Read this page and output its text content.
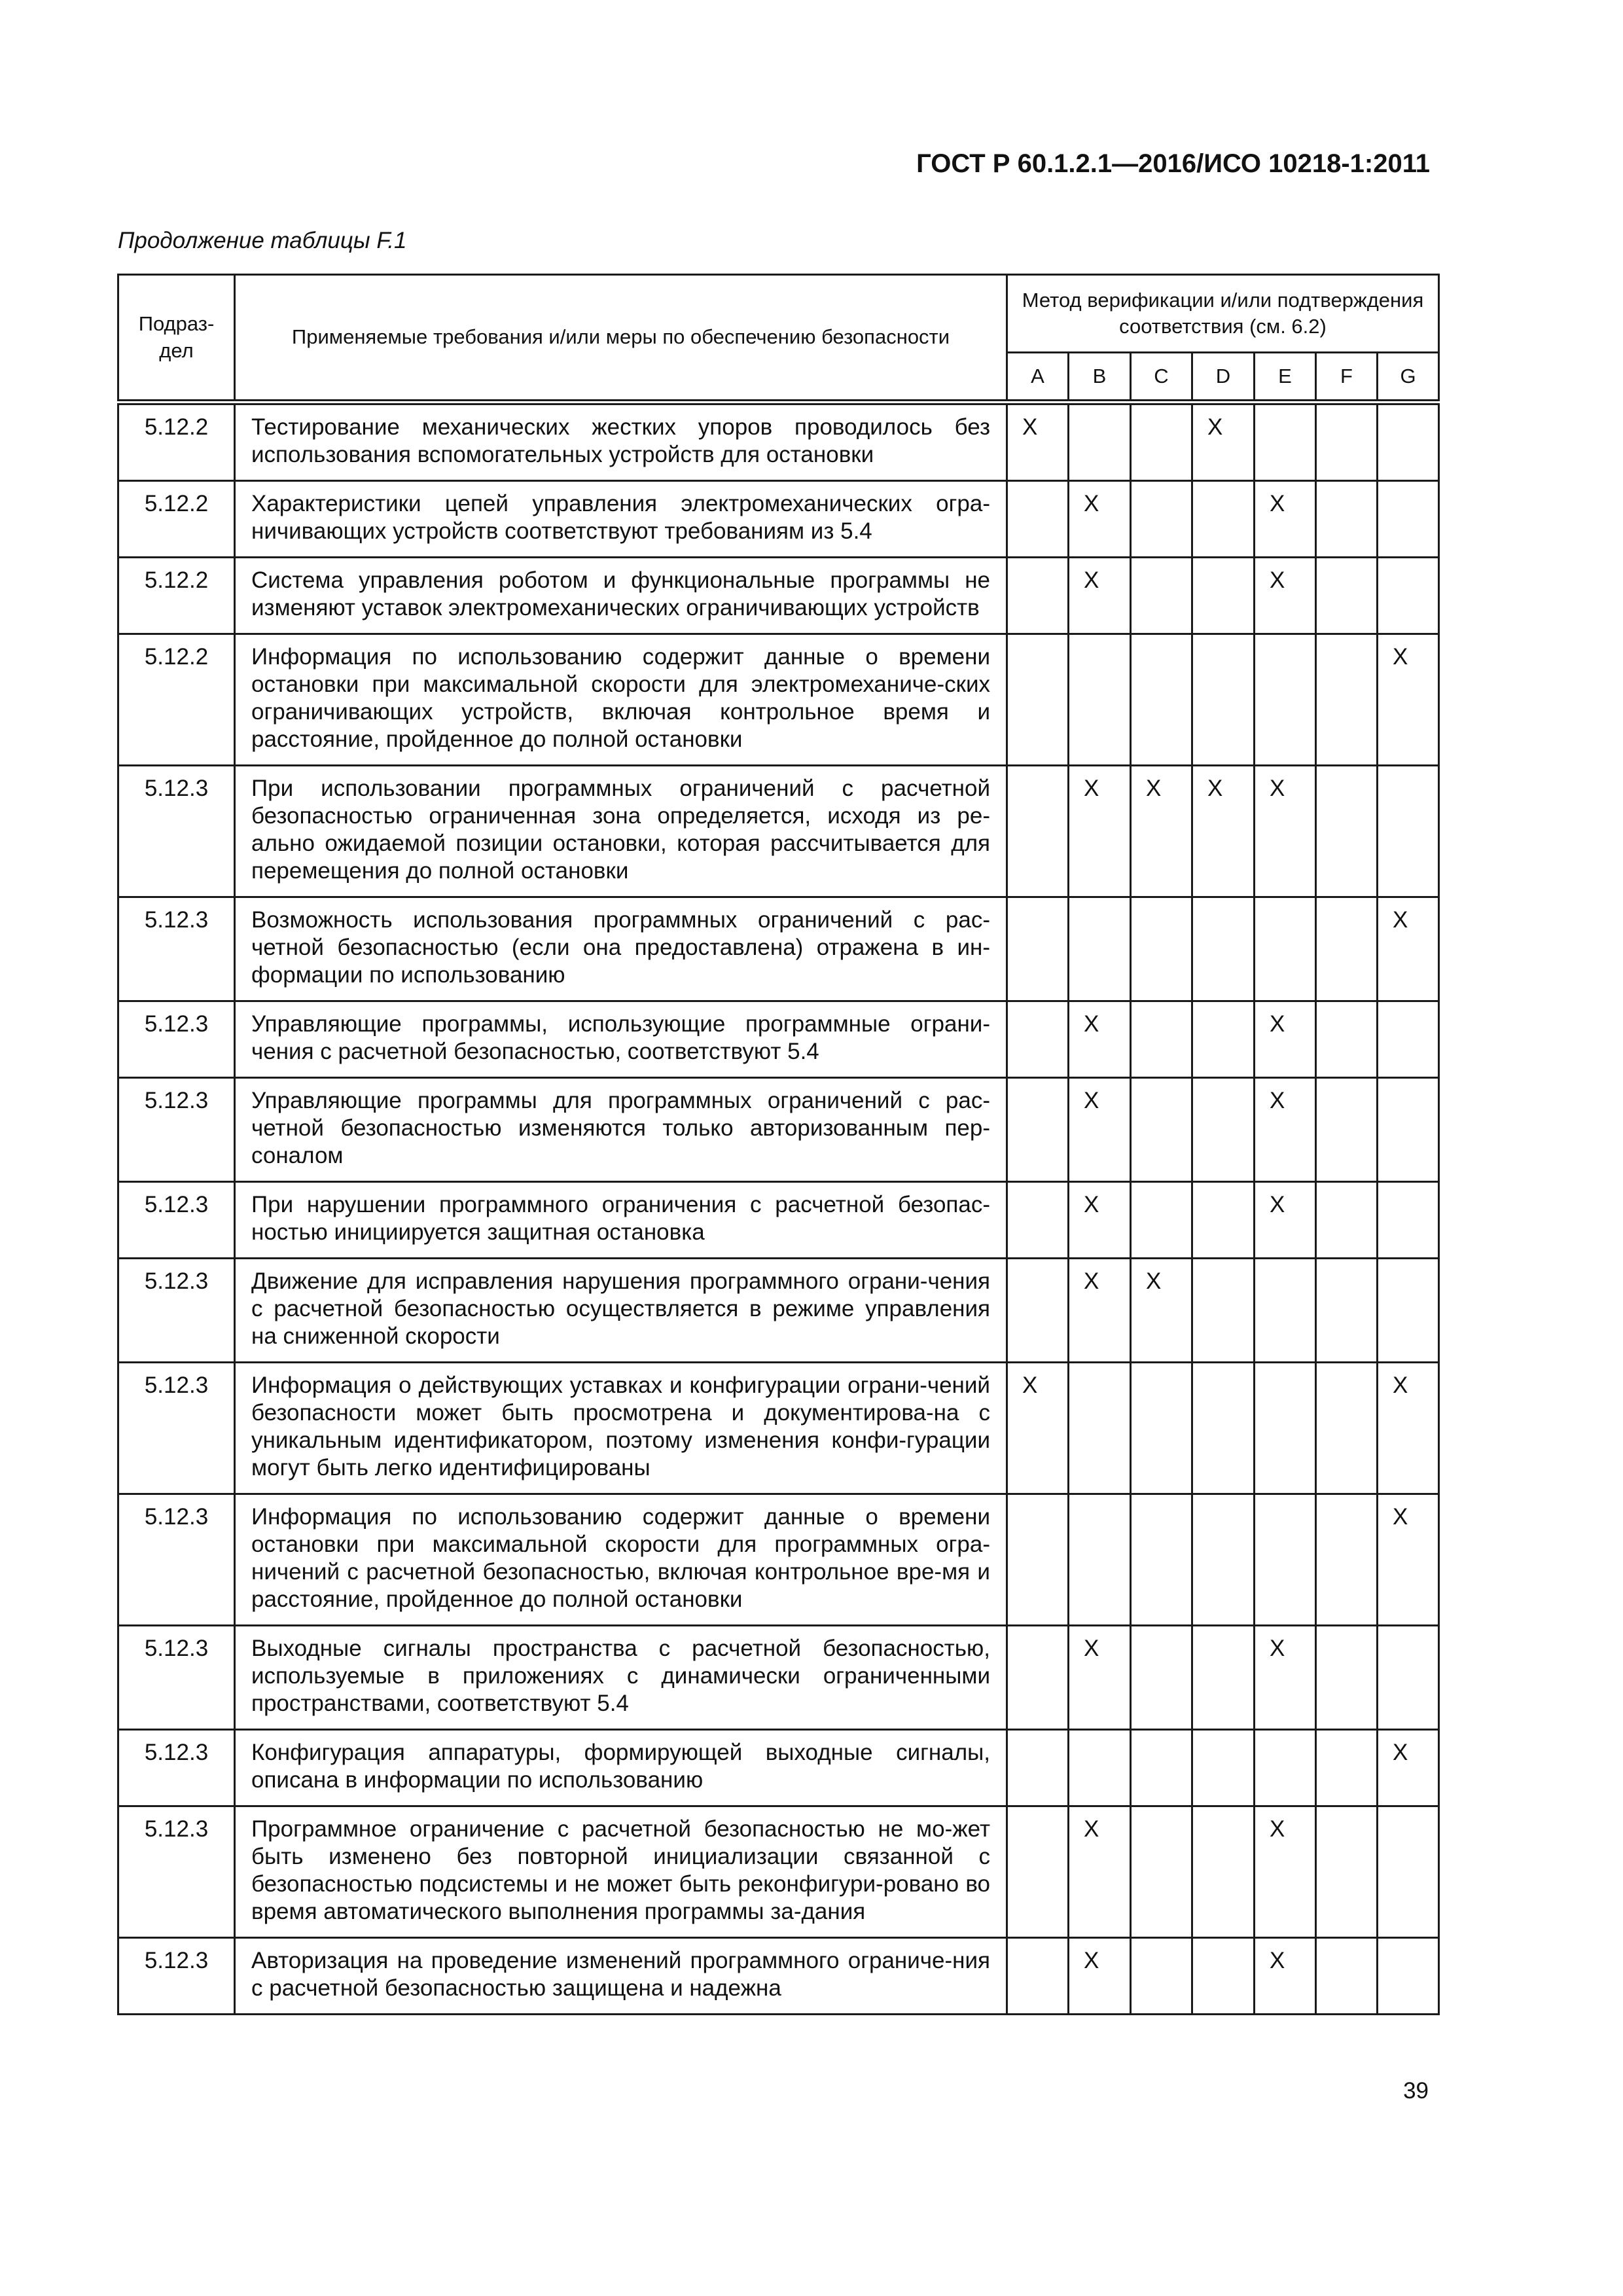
ГОСТ Р 60.1.2.1—2016/ИСО 10218-1:2011
Продолжение таблицы F.1
Подраз-
дел	Применяемые требования и/или меры по обеспечению безопасности	Метод верификации и/или подтверждения соответствия (см. 6.2)						
		A	B	C	D	E	F	G
5.12.2	Тестирование механических жестких упоров проводилось без использования вспомогательных устройств для остановки	X			X			
5.12.2	Характеристики цепей управления электромеханических огра-ничивающих устройств соответствуют требованиям из 5.4		X			X		
5.12.2	Система управления роботом и функциональные программы не изменяют уставок электромеханических ограничивающих устройств		X			X		
5.12.2	Информация по использованию содержит данные о времени остановки при максимальной скорости для электромеханиче-ских ограничивающих устройств, включая контрольное время и расстояние, пройденное до полной остановки							X
5.12.3	При использовании программных ограничений с расчетной безопасностью ограниченная зона определяется, исходя из ре-ально ожидаемой позиции остановки, которая рассчитывается для перемещения до полной остановки		X	X	X	X		
5.12.3	Возможность использования программных ограничений с рас-четной безопасностью (если она предоставлена) отражена в ин-формации по использованию							X
5.12.3	Управляющие программы, использующие программные ограни-чения с расчетной безопасностью, соответствуют 5.4		X			X		
5.12.3	Управляющие программы для программных ограничений с рас-четной безопасностью изменяются только авторизованным пер-соналом		X			X		
5.12.3	При нарушении программного ограничения с расчетной безопас-ностью инициируется защитная остановка		X			X		
5.12.3	Движение для исправления нарушения программного ограни-чения с расчетной безопасностью осуществляется в режиме управления на сниженной скорости		X	X				
5.12.3	Информация о действующих уставках и конфигурации ограни-чений безопасности может быть просмотрена и документирова-на с уникальным идентификатором, поэтому изменения конфи-гурации могут быть легко идентифицированы	X						X
5.12.3	Информация по использованию содержит данные о времени остановки при максимальной скорости для программных огра-ничений с расчетной безопасностью, включая контрольное вре-мя и расстояние, пройденное до полной остановки							X
5.12.3	Выходные сигналы пространства с расчетной безопасностью, используемые в приложениях с динамически ограниченными пространствами, соответствуют 5.4		X			X		
5.12.3	Конфигурация аппаратуры, формирующей выходные сигналы, описана в информации по использованию							X
5.12.3	Программное ограничение с расчетной безопасностью не мо-жет быть изменено без повторной инициализации связанной с безопасностью подсистемы и не может быть реконфигури-ровано во время автоматического выполнения программы за-дания		X			X		
5.12.3	Авторизация на проведение изменений программного ограниче-ния с расчетной безопасностью защищена и надежна		X			X		
39
